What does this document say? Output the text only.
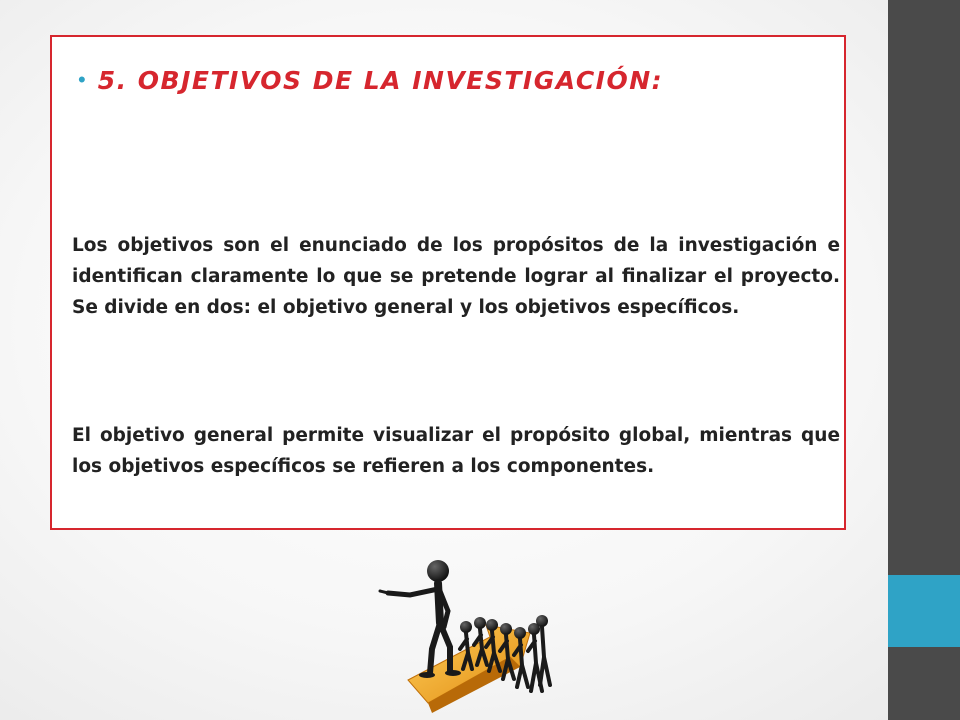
• 5. OBJETIVOS DE LA INVESTIGACIÓN:

Los objetivos son el enunciado de los propósitos de la investigación e identifican claramente lo que se pretende lograr al finalizar el proyecto. Se divide en dos: el objetivo general y los objetivos específicos.

El objetivo general permite visualizar el propósito global, mientras que los objetivos específicos se refieren a los componentes.
